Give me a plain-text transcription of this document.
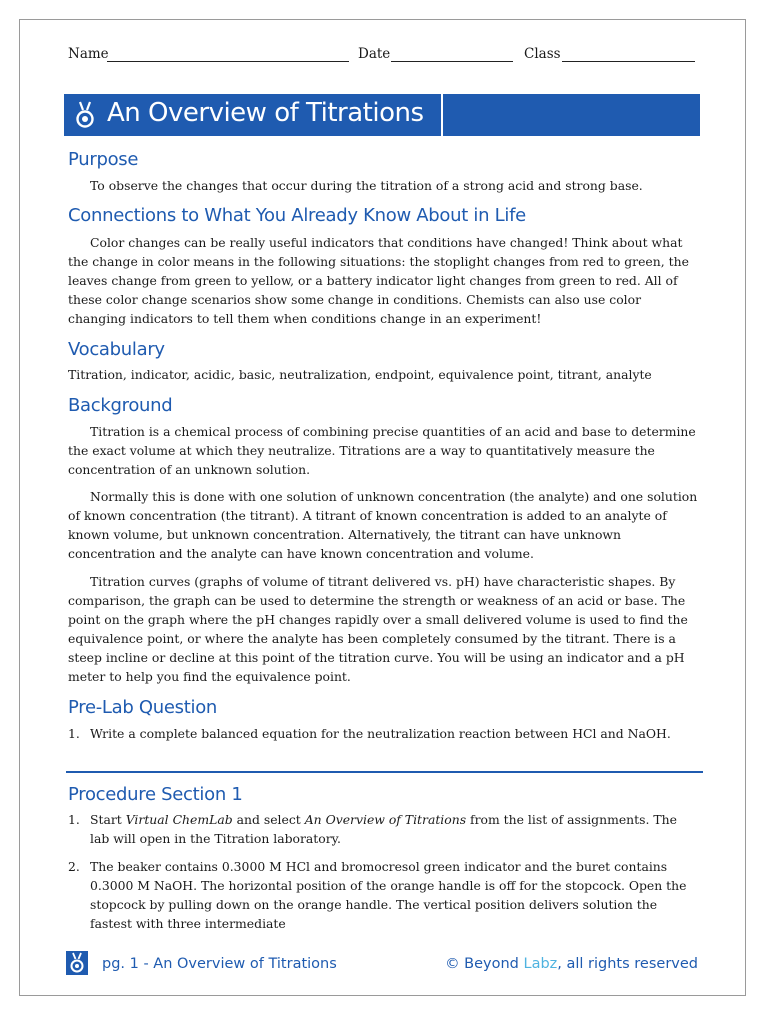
Name	Date	Class
An Overview of Titrations
Purpose

To observe the changes that occur during the titration of a strong acid and strong base.

Connections to What You Already Know About in Life

Color changes can be really useful indicators that conditions have changed! Think about what the change in color means in the following situations: the stoplight changes from red to green, the leaves change from green to yellow, or a battery indicator light changes from green to red. All of these color change scenarios show some change in conditions. Chemists can also use color changing indicators to tell them when conditions change in an experiment!

Vocabulary

Titration, indicator, acidic, basic, neutralization, endpoint, equivalence point, titrant, analyte

Background

Titration is a chemical process of combining precise quantities of an acid and base to determine the exact volume at which they neutralize. Titrations are a way to quantitatively measure the concentration of an unknown solution.

Normally this is done with one solution of unknown concentration (the analyte) and one solution of known concentration (the titrant). A titrant of known concentration is added to an analyte of known volume, but unknown concentration. Alternatively, the titrant can have unknown concentration and the analyte can have known concentration and volume.

Titration curves (graphs of volume of titrant delivered vs. pH) have characteristic shapes. By comparison, the graph can be used to determine the strength or weakness of an acid or base. The point on the graph where the pH changes rapidly over a small delivered volume is used to find the equivalence point, or where the analyte has been completely consumed by the titrant. There is a steep incline or decline at this point of the titration curve. You will be using an indicator and a pH meter to help you find the equivalence point.

Pre-Lab Question
1. Write a complete balanced equation for the neutralization reaction between HCl and NaOH.
Procedure Section 1
1. Start Virtual ChemLab and select An Overview of Titrations from the list of assignments. The lab will open in the Titration laboratory.
2. The beaker contains 0.3000 M HCl and bromocresol green indicator and the buret contains 0.3000 M NaOH. The horizontal position of the orange handle is off for the stopcock. Open the stopcock by pulling down on the orange handle. The vertical position delivers solution the fastest with three intermediate
pg. 1 - An Overview of Titrations	© Beyond Labz, all rights reserved
